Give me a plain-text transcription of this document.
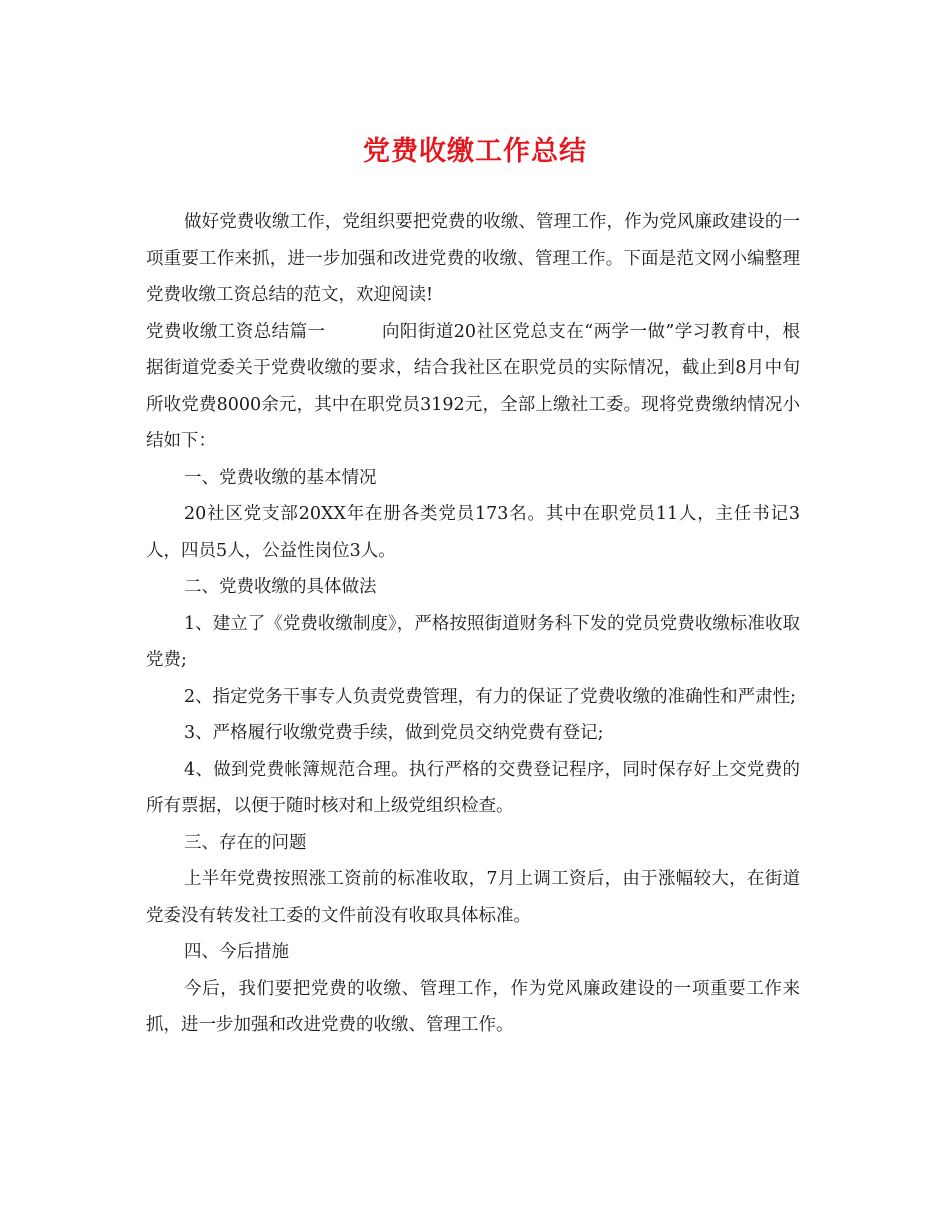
党费收缴工作总结

做好党费收缴工作，党组织要把党费的收缴、管理工作，作为党风廉政建设的一项重要工作来抓，进一步加强和改进党费的收缴、管理工作。下面是范文网小编整理党费收缴工资总结的范文，欢迎阅读!

党费收缴工资总结篇一	向阳街道20社区党总支在“两学一做”学习教育中，根据街道党委关于党费收缴的要求，结合我社区在职党员的实际情况，截止到8月中旬所收党费8000余元，其中在职党员3192元，全部上缴社工委。现将党费缴纳情况小结如下：

一、党费收缴的基本情况

20社区党支部20XX年在册各类党员173名。其中在职党员11人，主任书记3人，四员5人，公益性岗位3人。

二、党费收缴的具体做法

1、建立了《党费收缴制度》，严格按照街道财务科下发的党员党费收缴标准收取党费;

2、指定党务干事专人负责党费管理，有力的保证了党费收缴的准确性和严肃性;

3、严格履行收缴党费手续，做到党员交纳党费有登记;

4、做到党费帐簿规范合理。执行严格的交费登记程序，同时保存好上交党费的所有票据，以便于随时核对和上级党组织检查。

三、存在的问题

上半年党费按照涨工资前的标准收取，7月上调工资后，由于涨幅较大，在街道党委没有转发社工委的文件前没有收取具体标准。

四、今后措施

今后，我们要把党费的收缴、管理工作，作为党风廉政建设的一项重要工作来抓，进一步加强和改进党费的收缴、管理工作。
